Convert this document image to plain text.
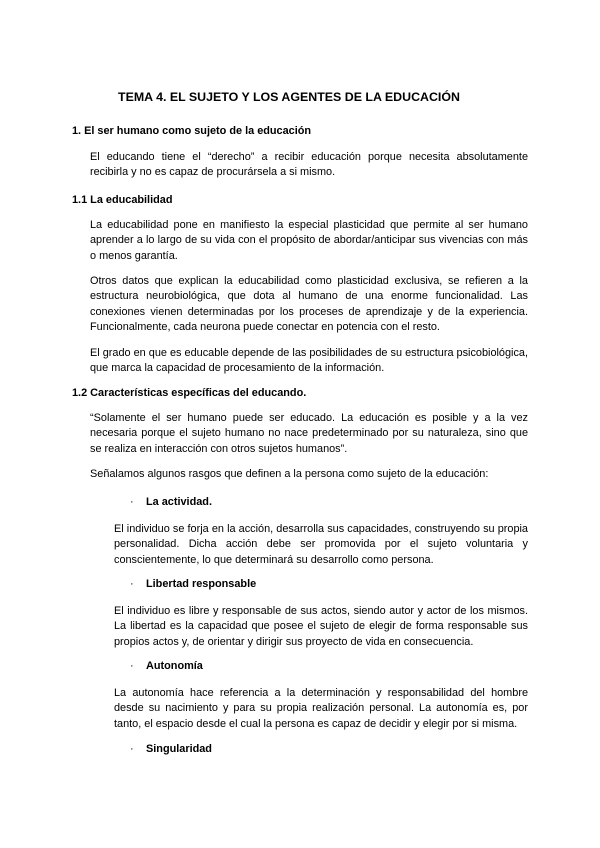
TEMA 4. EL SUJETO Y LOS AGENTES DE LA EDUCACIÓN
1. El ser humano como sujeto de la educación

El educando tiene el “derecho” a recibir educación porque necesita absolutamente recibirla y no es capaz de procurársela a si mismo.

1.1 La educabilidad

La educabilidad pone en manifiesto la especial plasticidad que permite al ser humano aprender a lo largo de su vida con el propósito de abordar/anticipar sus vivencias con más o menos garantía.

Otros datos que explican la educabilidad como plasticidad exclusiva, se refieren a la estructura neurobiológica, que dota al humano de una enorme funcionalidad. Las conexiones vienen determinadas por los proceses de aprendizaje y de la experiencia. Funcionalmente, cada neurona puede conectar en potencia con el resto.

El grado en que es educable depende de las posibilidades de su estructura psicobiológica, que marca la capacidad de procesamiento de la información.

1.2 Características específicas del educando.

“Solamente el ser humano puede ser educado. La educación es posible y a la vez necesaria porque el sujeto humano no nace predeterminado por su naturaleza, sino que se realiza en interacción con otros sujetos humanos”.

Señalamos algunos rasgos que definen a la persona como sujeto de la educación:

· La actividad.

El individuo se forja en la acción, desarrolla sus capacidades, construyendo su propia personalidad. Dicha acción debe ser promovida por el sujeto voluntaria y conscientemente, lo que determinará su desarrollo como persona.

· Libertad responsable

El individuo es libre y responsable de sus actos, siendo autor y actor de los mismos. La libertad es la capacidad que posee el sujeto de elegir de forma responsable sus propios actos y, de orientar y dirigir sus proyecto de vida en consecuencia.

· Autonomía

La autonomía hace referencia a la determinación y responsabilidad del hombre desde su nacimiento y para su propia realización personal. La autonomía es, por tanto, el espacio desde el cual la persona es capaz de decidir y elegir por si misma.

· Singularidad
